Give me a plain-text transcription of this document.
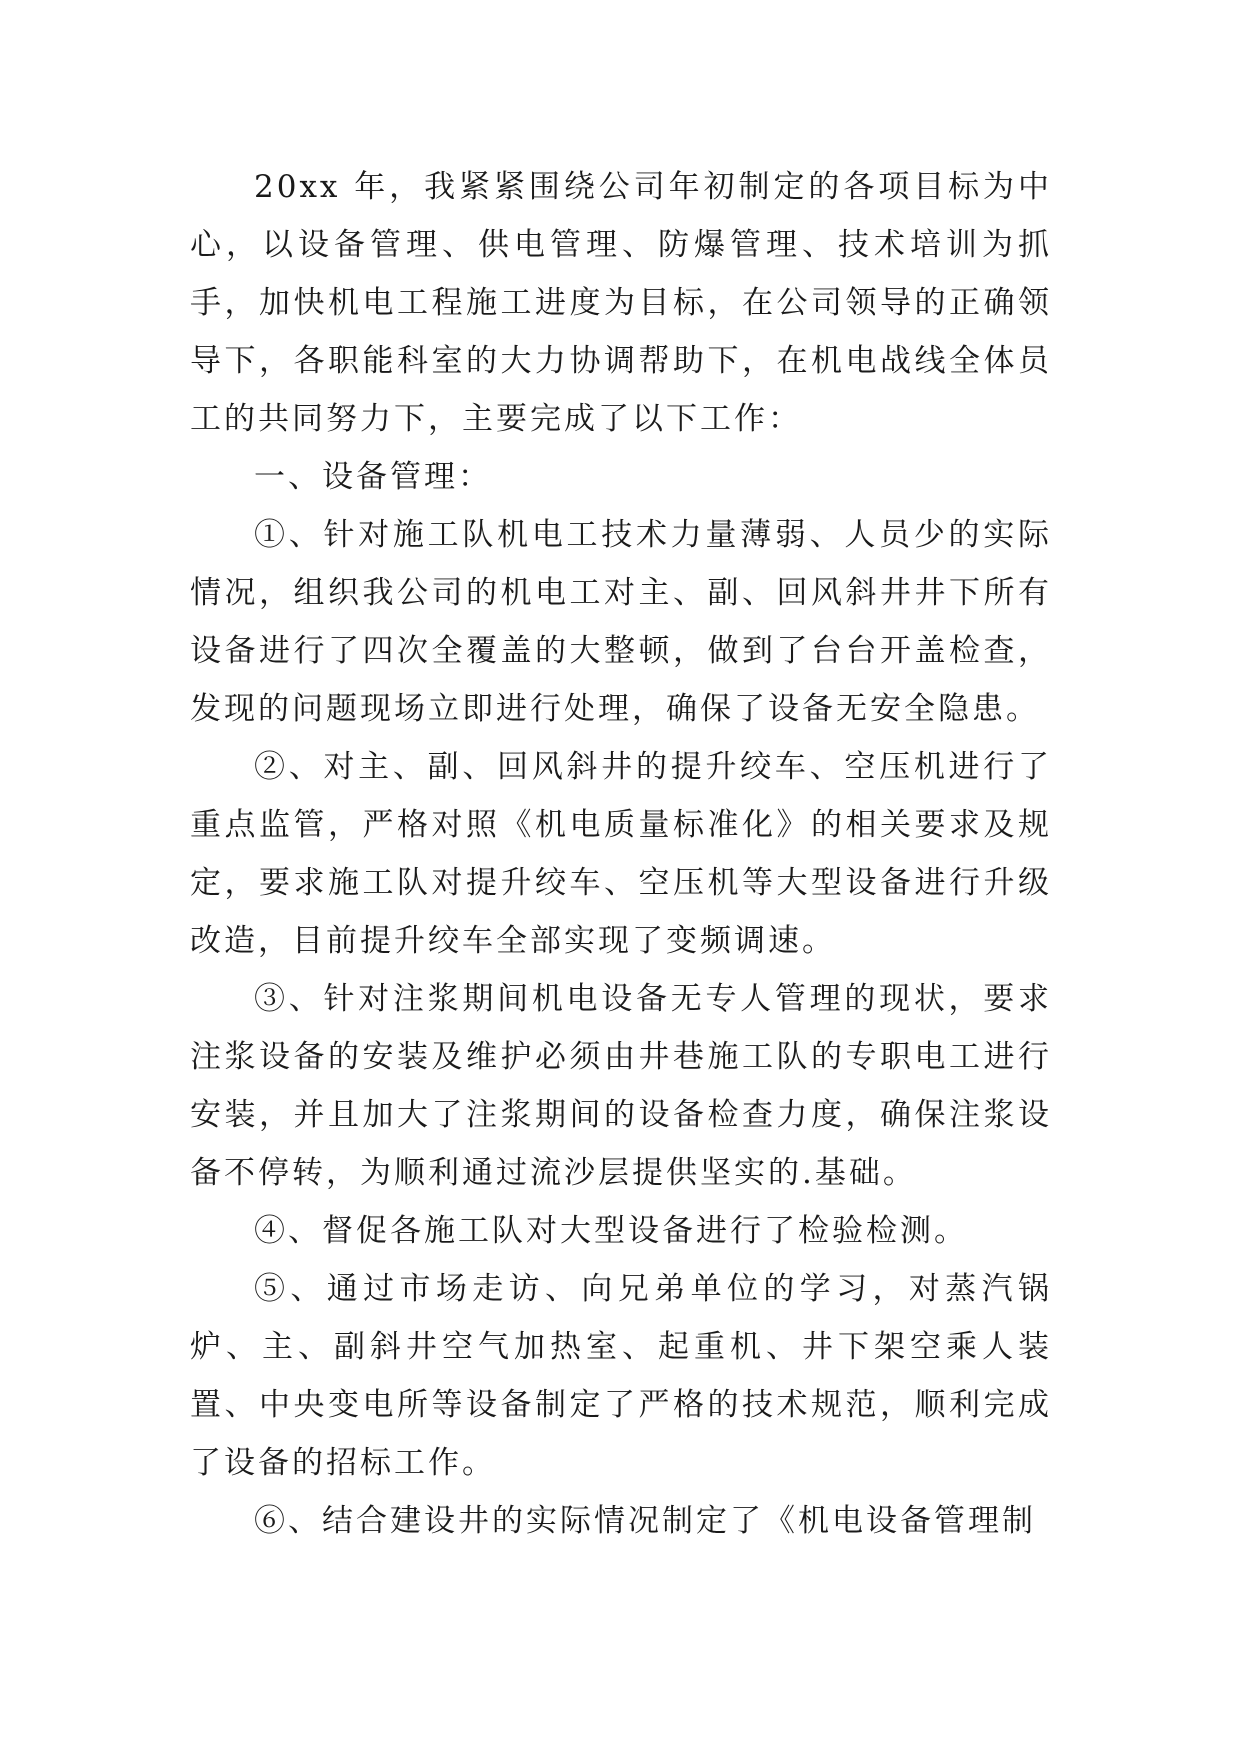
20xx 年，我紧紧围绕公司年初制定的各项目标为中心，以设备管理、供电管理、防爆管理、技术培训为抓手，加快机电工程施工进度为目标，在公司领导的正确领导下，各职能科室的大力协调帮助下，在机电战线全体员工的共同努力下，主要完成了以下工作：

一、设备管理：

①、针对施工队机电工技术力量薄弱、人员少的实际情况，组织我公司的机电工对主、副、回风斜井井下所有设备进行了四次全覆盖的大整顿，做到了台台开盖检查，发现的问题现场立即进行处理，确保了设备无安全隐患。

②、对主、副、回风斜井的提升绞车、空压机进行了重点监管，严格对照《机电质量标准化》的相关要求及规定，要求施工队对提升绞车、空压机等大型设备进行升级改造，目前提升绞车全部实现了变频调速。

③、针对注浆期间机电设备无专人管理的现状，要求注浆设备的安装及维护必须由井巷施工队的专职电工进行安装，并且加大了注浆期间的设备检查力度，确保注浆设备不停转，为顺利通过流沙层提供坚实的.基础。

④、督促各施工队对大型设备进行了检验检测。

⑤、通过市场走访、向兄弟单位的学习，对蒸汽锅炉、主、副斜井空气加热室、起重机、井下架空乘人装置、中央变电所等设备制定了严格的技术规范，顺利完成了设备的招标工作。

⑥、结合建设井的实际情况制定了《机电设备管理制
